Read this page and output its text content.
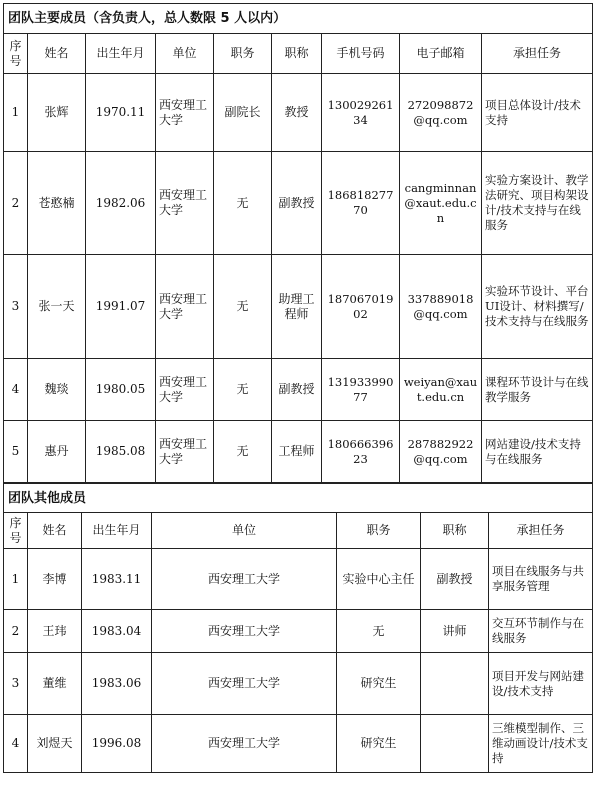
团队主要成员（含负责人，总人数限 5 人以内）								
序号	姓名	出生年月	单位	职务	职称	手机号码	电子邮箱	承担任务
1	张辉	1970.11	西安理工大学	副院长	教授	13002926134	272098872@qq.com	项目总体设计/技术支持
2	苍憨楠	1982.06	西安理工大学	无	副教授	18681827770	cangminnan@xaut.edu.cn	实验方案设计、教学法研究、项目构架设计/技术支持与在线服务
3	张一天	1991.07	西安理工大学	无	助理工程师	18706701902	337889018@qq.com	实验环节设计、平台UI设计、材料撰写/技术支持与在线服务
4	魏琰	1980.05	西安理工大学	无	副教授	13193399077	weiyan@xaut.edu.cn	课程环节设计与在线教学服务
5	惠丹	1985.08	西安理工大学	无	工程师	18066639623	287882922@qq.com	网站建设/技术支持与在线服务
团队其他成员						
序号	姓名	出生年月	单位	职务	职称	承担任务
1	李博	1983.11	西安理工大学	实验中心主任	副教授	项目在线服务与共享服务管理
2	王玮	1983.04	西安理工大学	无	讲师	交互环节制作与在线服务
3	董维	1983.06	西安理工大学	研究生		项目开发与网站建设/技术支持
4	刘煜天	1996.08	西安理工大学	研究生		三维模型制作、三维动画设计/技术支持
